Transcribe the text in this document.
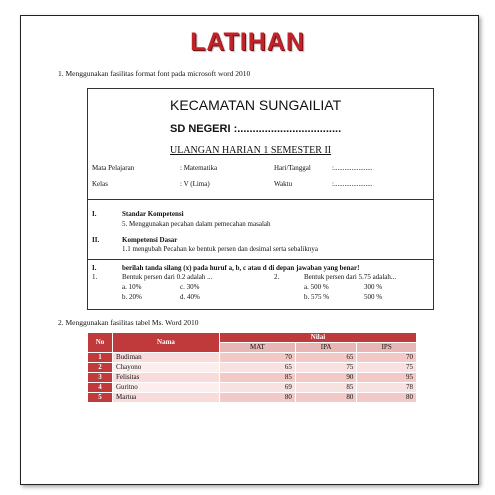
LATIHAN
1. Menggunakan fasilitas format font pada microsoft word 2010
KECAMATAN SUNGAILIAT
SD NEGERI :..................................
ULANGAN HARIAN 1 SEMESTER II
Mata Pelajaran	: Matematika	Hari/Tanggal	:......................
Kelas	: V (Lima)	Waktu	:......................
I.	Standar Kompetensi
5. Menggunakan pecahan dalam pemecahan masalah
II.	Kompetensi Dasar
1.1 mengubah Pecahan ke bentuk persen dan desimal serta sebaliknya
I.	berilah tanda silang (x) pada huruf a, b, c atau d di depan jawaban yang benar!
1.	Bentuk persen dari 0.2 adalah ...
a. 10%	c. 30%
b. 20%	d. 40%
2.	Bentuk persen dari 5.75 adalah...
a. 500 %	300 %
b. 575 %	500 %
2. Menggunakan fasilitas tabel Ms. Word 2010
No	Nama	Nilai		
		MAT	IPA	IPS
1	Budiman	70	65	70
2	Chayono	65	75	75
3	Felisitas	85	90	95
4	Guritno	69	85	78
5	Martua	80	80	80
